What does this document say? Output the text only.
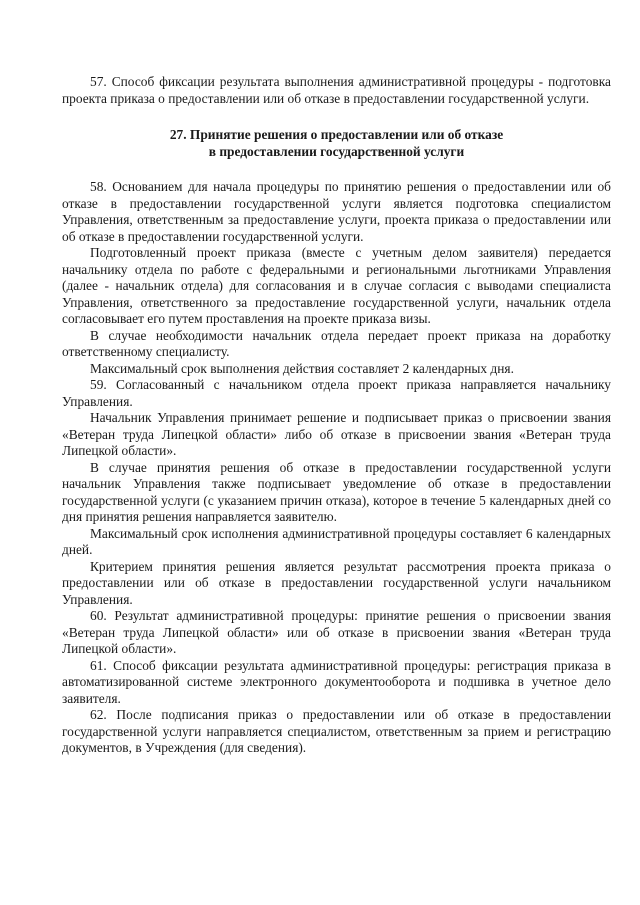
57. Способ фиксации результата выполнения административной процедуры - подготовка проекта приказа о предоставлении или об отказе в предоставлении государственной услуги.

27. Принятие решения о предоставлении или об отказе
в предоставлении государственной услуги

58. Основанием для начала процедуры по принятию решения о предоставлении или об отказе в предоставлении государственной услуги является подготовка специалистом Управления, ответственным за предоставление услуги, проекта приказа о предоставлении или об отказе в предоставлении государственной услуги.

Подготовленный проект приказа (вместе с учетным делом заявителя) передается начальнику отдела по работе с федеральными и региональными льготниками Управления (далее - начальник отдела) для согласования и в случае согласия с выводами специалиста Управления, ответственного за предоставление государственной услуги, начальник отдела согласовывает его путем проставления на проекте приказа визы.

В случае необходимости начальник отдела передает проект приказа на доработку ответственному специалисту.

Максимальный срок выполнения действия составляет 2 календарных дня.

59. Согласованный с начальником отдела проект приказа направляется начальнику Управления.

Начальник Управления принимает решение и подписывает приказ о присвоении звания «Ветеран труда Липецкой области» либо об отказе в присвоении звания «Ветеран труда Липецкой области».

В случае принятия решения об отказе в предоставлении государственной услуги начальник Управления также подписывает уведомление об отказе в предоставлении государственной услуги (с указанием причин отказа), которое в течение 5 календарных дней со дня принятия решения направляется заявителю.

Максимальный срок исполнения административной процедуры составляет 6 календарных дней.

Критерием принятия решения является результат рассмотрения проекта приказа о предоставлении или об отказе в предоставлении государственной услуги начальником Управления.

60. Результат административной процедуры: принятие решения о присвоении звания «Ветеран труда Липецкой области» или об отказе в присвоении звания «Ветеран труда Липецкой области».

61. Способ фиксации результата административной процедуры: регистрация приказа в автоматизированной системе электронного документооборота и подшивка в учетное дело заявителя.

62. После подписания приказ о предоставлении или об отказе в предоставлении государственной услуги направляется специалистом, ответственным за прием и регистрацию документов, в Учреждения (для сведения).
